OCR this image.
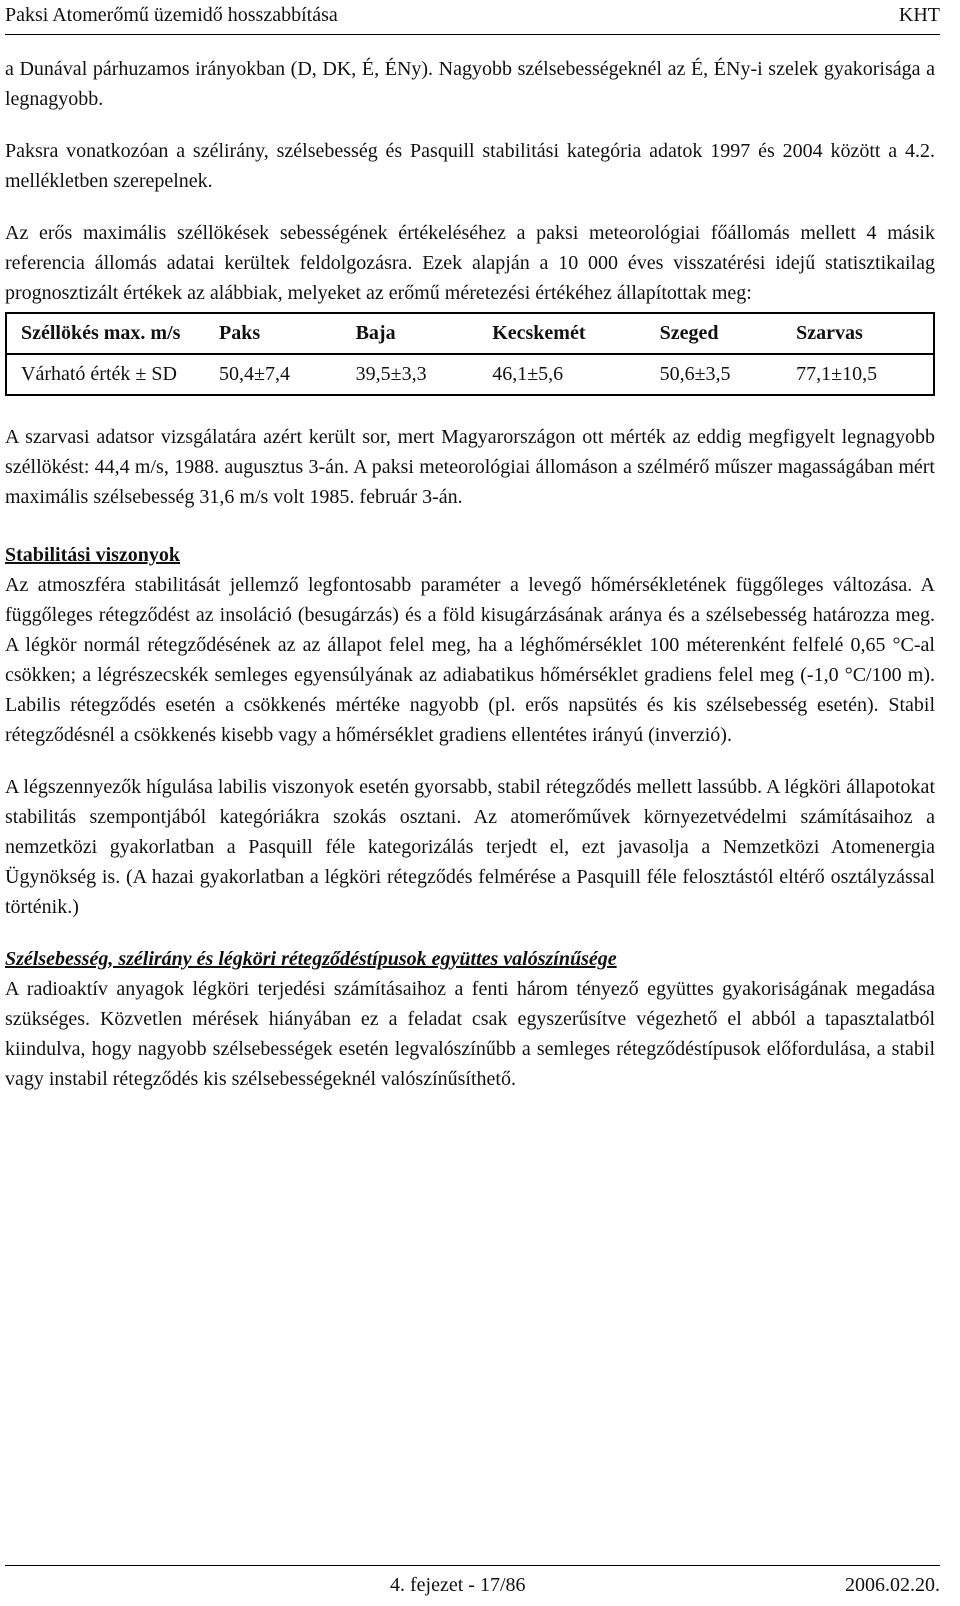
Paksi Atomerőmű üzemidő hosszabbítása	KHT

a Dunával párhuzamos irányokban (D, DK, É, ÉNy). Nagyobb szélsebességeknél az É, ÉNy-i szelek gyakorisága a legnagyobb.

Paksra vonatkozóan a szélirány, szélsebesség és Pasquill stabilitási kategória adatok 1997 és 2004 között a 4.2. mellékletben szerepelnek.

Az erős maximális széllökések sebességének értékeléséhez a paksi meteorológiai főállomás mellett 4 másik referencia állomás adatai kerültek feldolgozásra. Ezek alapján a 10 000 éves visszatérési idejű statisztikailag prognosztizált értékek az alábbiak, melyeket az erőmű méretezési értékéhez állapítottak meg:

Széllökés max. m/s	Paks	Baja	Kecskemét	Szeged	Szarvas
Várható érték ± SD	50,4±7,4	39,5±3,3	46,1±5,6	50,6±3,5	77,1±10,5

A szarvasi adatsor vizsgálatára azért került sor, mert Magyarországon ott mérték az eddig megfigyelt legnagyobb széllökést: 44,4 m/s, 1988. augusztus 3-án. A paksi meteorológiai állomáson a szélmérő műszer magasságában mért maximális szélsebesség 31,6 m/s volt 1985. február 3-án.

Stabilitási viszonyok

Az atmoszféra stabilitását jellemző legfontosabb paraméter a levegő hőmérsékletének függőleges változása. A függőleges rétegződést az insoláció (besugárzás) és a föld kisugárzásának aránya és a szélsebesség határozza meg. A légkör normál rétegződésének az az állapot felel meg, ha a léghőmérséklet 100 méterenként felfelé 0,65 °C-al csökken; a légrészecskék semleges egyensúlyának az adiabatikus hőmérséklet gradiens felel meg (-1,0 °C/100 m). Labilis rétegződés esetén a csökkenés mértéke nagyobb (pl. erős napsütés és kis szélsebesség esetén). Stabil rétegződésnél a csökkenés kisebb vagy a hőmérséklet gradiens ellentétes irányú (inverzió).

A légszennyezők hígulása labilis viszonyok esetén gyorsabb, stabil rétegződés mellett lassúbb. A légköri állapotokat stabilitás szempontjából kategóriákra szokás osztani. Az atomerőművek környezetvédelmi számításaihoz a nemzetközi gyakorlatban a Pasquill féle kategorizálás terjedt el, ezt javasolja a Nemzetközi Atomenergia Ügynökség is. (A hazai gyakorlatban a légköri rétegződés felmérése a Pasquill féle felosztástól eltérő osztályzással történik.)

Szélsebesség, szélirány és légköri rétegződéstípusok együttes valószínűsége

A radioaktív anyagok légköri terjedési számításaihoz a fenti három tényező együttes gyakoriságának megadása szükséges. Közvetlen mérések hiányában ez a feladat csak egyszerűsítve végezhető el abból a tapasztalatból kiindulva, hogy nagyobb szélsebességek esetén legvalószínűbb a semleges rétegződéstípusok előfordulása, a stabil vagy instabil rétegződés kis szélsebességeknél valószínűsíthető.

4. fejezet - 17/86	2006.02.20.
